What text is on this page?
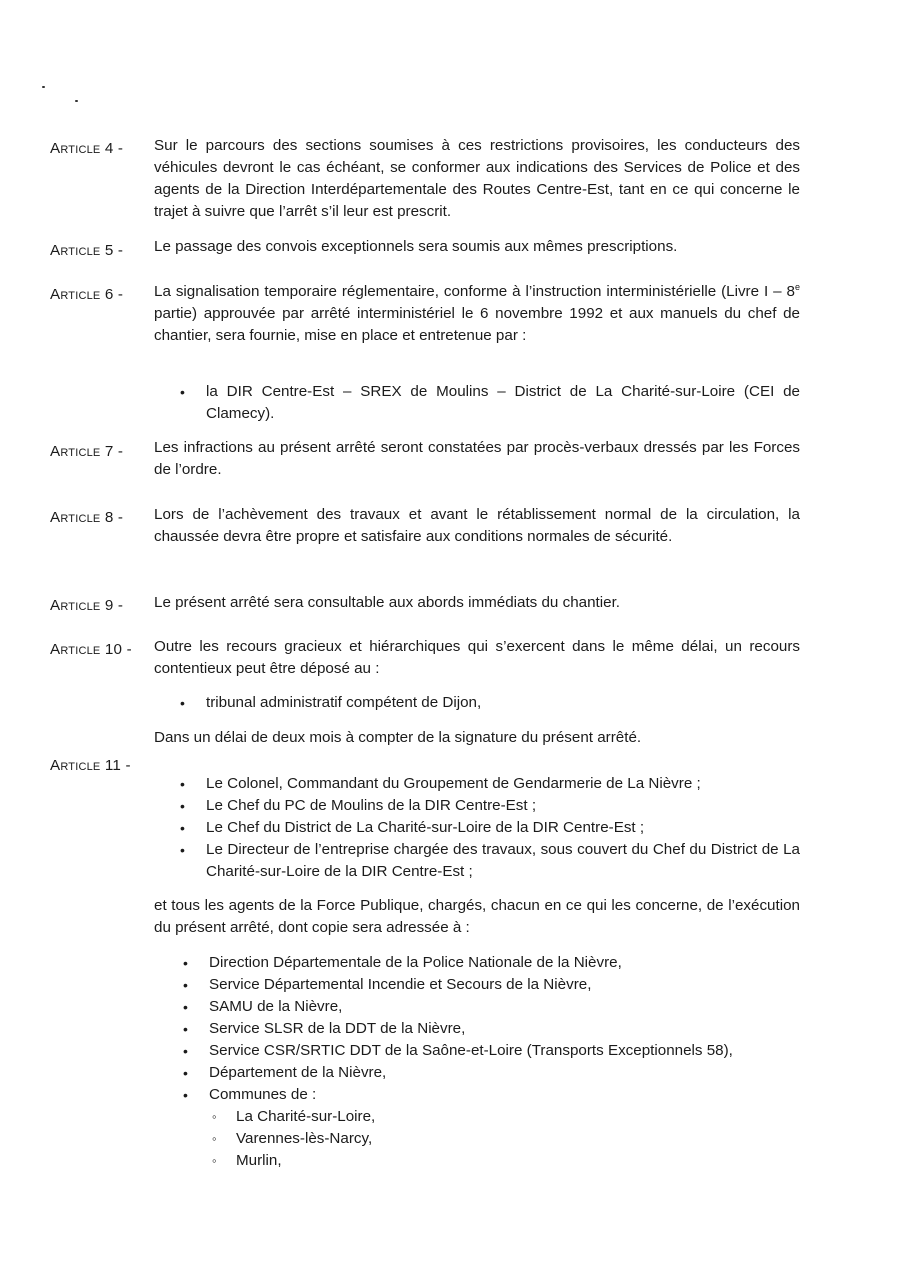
Article 4 -	Sur le parcours des sections soumises à ces restrictions provisoires, les conducteurs des véhicules devront le cas échéant, se conformer aux indications des Services de Police et des agents de la Direction Interdépartementale des Routes Centre-Est, tant en ce qui concerne le trajet à suivre que l’arrêt s’il leur est prescrit.
Article 5 -	Le passage des convois exceptionnels sera soumis aux mêmes prescriptions.
Article 6 -	La signalisation temporaire réglementaire, conforme à l’instruction interministérielle (Livre I – 8e partie) approuvée par arrêté interministériel le 6 novembre 1992 et aux manuels du chef de chantier, sera fournie, mise en place et entretenue par :
• la DIR Centre-Est – SREX de Moulins – District de La Charité-sur-Loire (CEI de Clamecy).
Article 7 -	Les infractions au présent arrêté seront constatées par procès-verbaux dressés par les Forces de l’ordre.
Article 8 -	Lors de l’achèvement des travaux et avant le rétablissement normal de la circulation, la chaussée devra être propre et satisfaire aux conditions normales de sécurité.
Article 9 -	Le présent arrêté sera consultable aux abords immédiats du chantier.
Article 10 -	Outre les recours gracieux et hiérarchiques qui s’exercent dans le même délai, un recours contentieux peut être déposé au :
• tribunal administratif compétent de Dijon,
Dans un délai de deux mois à compter de la signature du présent arrêté.
Article 11 -
• Le Colonel, Commandant du Groupement de Gendarmerie de La Nièvre ;
• Le Chef du PC de Moulins de la DIR Centre-Est ;
• Le Chef du District de La Charité-sur-Loire de la DIR Centre-Est ;
• Le Directeur de l’entreprise chargée des travaux, sous couvert du Chef du District de La Charité-sur-Loire de la DIR Centre-Est ;
et tous les agents de la Force Publique, chargés, chacun en ce qui les concerne, de l’exécution du présent arrêté, dont copie sera adressée à :
• Direction Départementale de la Police Nationale de la Nièvre,
• Service Départemental Incendie et Secours de la Nièvre,
• SAMU de la Nièvre,
• Service SLSR de la DDT de la Nièvre,
• Service CSR/SRTIC DDT de la Saône-et-Loire (Transports Exceptionnels 58),
• Département de la Nièvre,
• Communes de :
◦ La Charité-sur-Loire,
◦ Varennes-lès-Narcy,
◦ Murlin,
